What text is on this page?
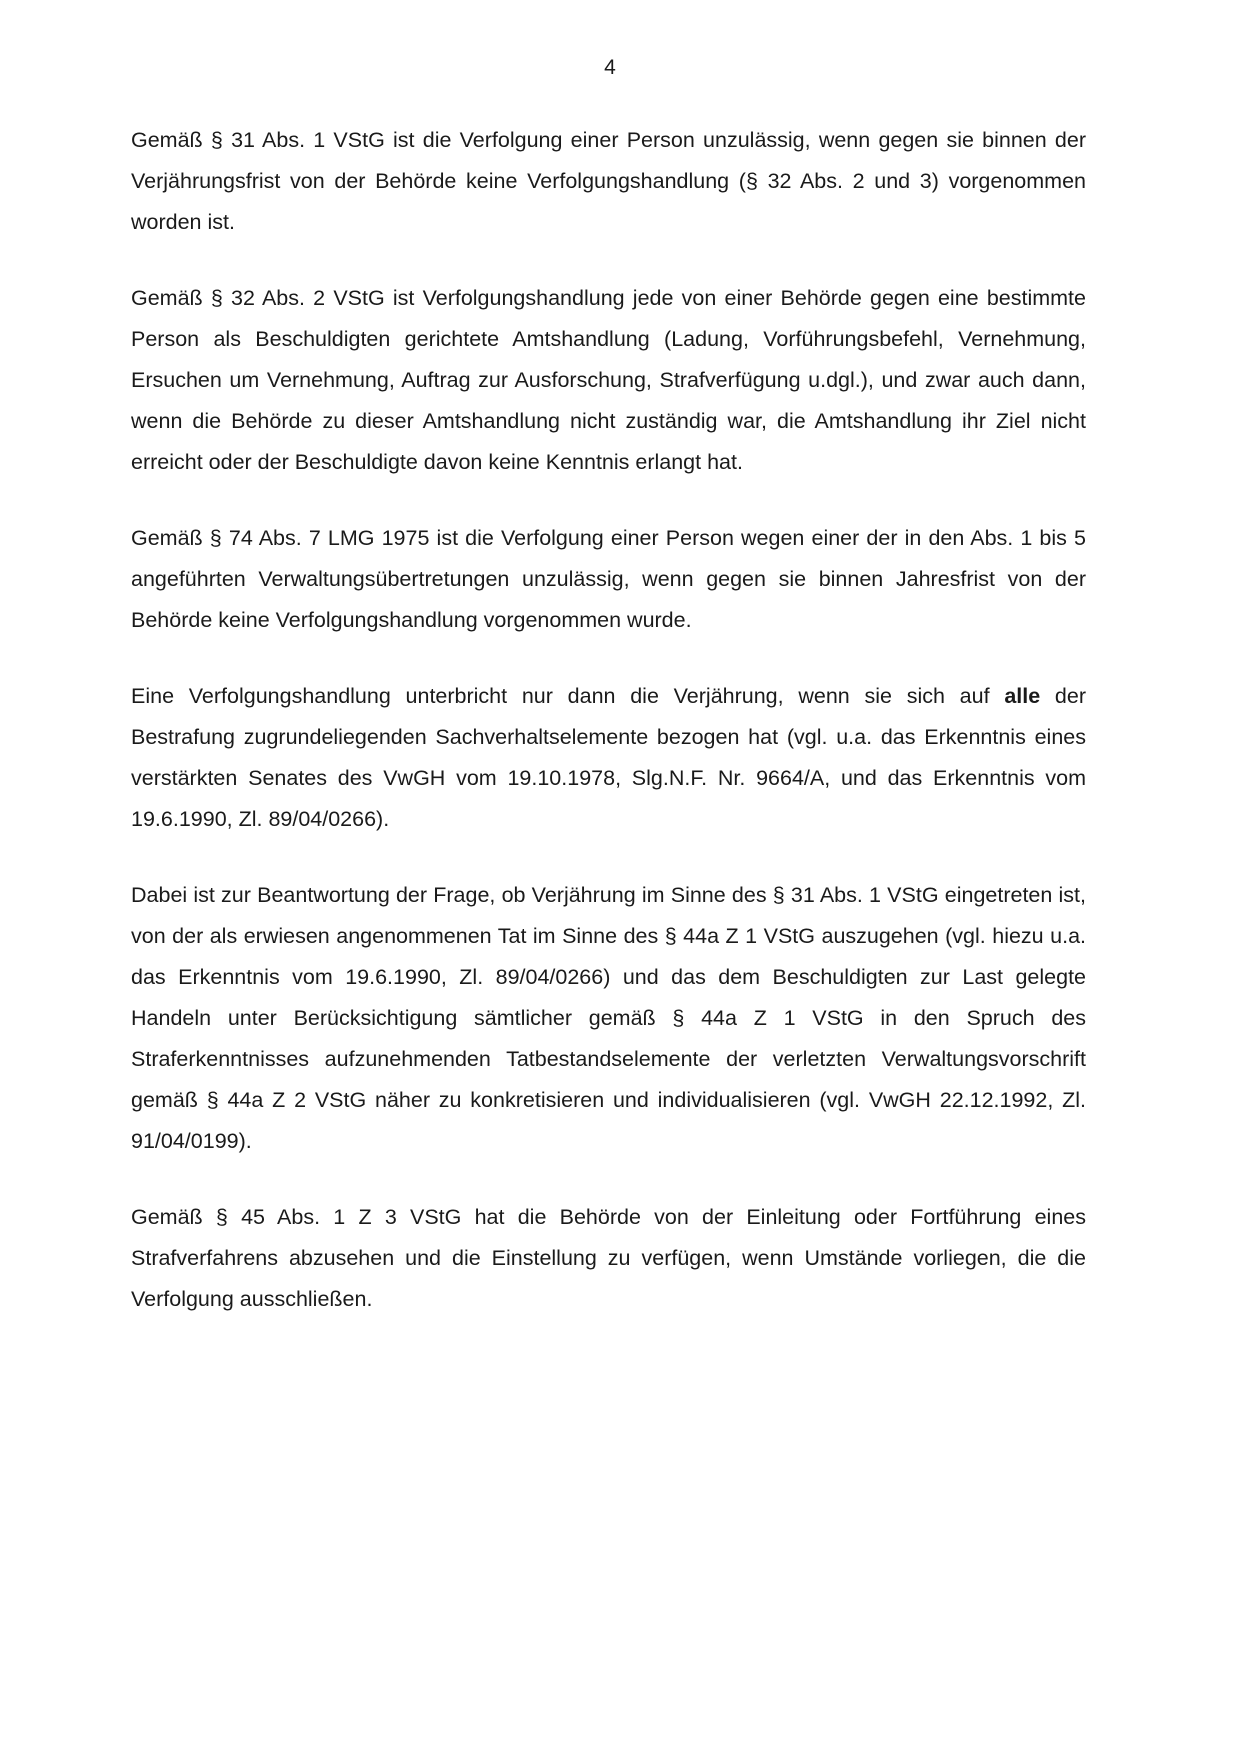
4

Gemäß § 31 Abs. 1 VStG ist die Verfolgung einer Person unzulässig, wenn gegen sie binnen der Verjährungsfrist von der Behörde keine Verfolgungshandlung (§ 32 Abs. 2 und 3) vorgenommen worden ist.

Gemäß § 32 Abs. 2 VStG ist Verfolgungshandlung jede von einer Behörde gegen eine bestimmte Person als Beschuldigten gerichtete Amtshandlung (Ladung, Vorführungsbefehl, Vernehmung, Ersuchen um Vernehmung, Auftrag zur Ausforschung, Strafverfügung u.dgl.), und zwar auch dann, wenn die Behörde zu dieser Amtshandlung nicht zuständig war, die Amtshandlung ihr Ziel nicht erreicht oder der Beschuldigte davon keine Kenntnis erlangt hat.

Gemäß § 74 Abs. 7 LMG 1975 ist die Verfolgung einer Person wegen einer der in den Abs. 1 bis 5 angeführten Verwaltungsübertretungen unzulässig, wenn gegen sie binnen Jahresfrist von der Behörde keine Verfolgungshandlung vorgenommen wurde.

Eine Verfolgungshandlung unterbricht nur dann die Verjährung, wenn sie sich auf alle der Bestrafung zugrundeliegenden Sachverhaltselemente bezogen hat (vgl. u.a. das Erkenntnis eines verstärkten Senates des VwGH vom 19.10.1978, Slg.N.F. Nr. 9664/A, und das Erkenntnis vom 19.6.1990, Zl. 89/04/0266).

Dabei ist zur Beantwortung der Frage, ob Verjährung im Sinne des § 31 Abs. 1 VStG eingetreten ist, von der als erwiesen angenommenen Tat im Sinne des § 44a Z 1 VStG auszugehen (vgl. hiezu u.a. das Erkenntnis vom 19.6.1990, Zl. 89/04/0266) und das dem Beschuldigten zur Last gelegte Handeln unter Berücksichtigung sämtlicher gemäß § 44a Z 1 VStG in den Spruch des Straferkenntnisses aufzunehmenden Tatbestandselemente der verletzten Verwaltungsvorschrift gemäß § 44a Z 2 VStG näher zu konkretisieren und individualisieren (vgl. VwGH 22.12.1992, Zl. 91/04/0199).

Gemäß § 45 Abs. 1 Z 3 VStG hat die Behörde von der Einleitung oder Fortführung eines Strafverfahrens abzusehen und die Einstellung zu verfügen, wenn Umstände vorliegen, die die Verfolgung ausschließen.
